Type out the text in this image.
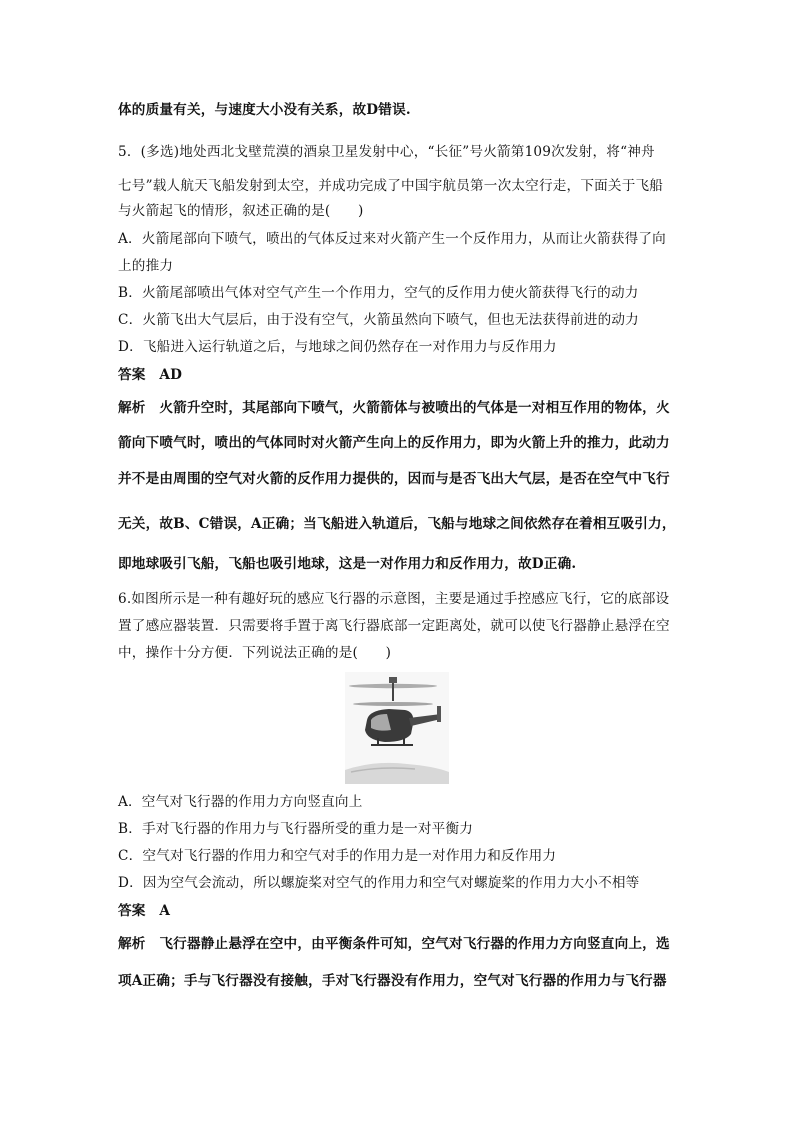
体的质量有关，与速度大小没有关系，故D错误.
5．(多选)地处西北戈壁荒漠的酒泉卫星发射中心，“长征”号火箭第109次发射，将“神舟
七号”载人航天飞船发射到太空，并成功完成了中国宇航员第一次太空行走，下面关于飞船
与火箭起飞的情形，叙述正确的是(　　)
A．火箭尾部向下喷气，喷出的气体反过来对火箭产生一个反作用力，从而让火箭获得了向
上的推力
B．火箭尾部喷出气体对空气产生一个作用力，空气的反作用力使火箭获得飞行的动力
C．火箭飞出大气层后，由于没有空气，火箭虽然向下喷气，但也无法获得前进的动力
D．飞船进入运行轨道之后，与地球之间仍然存在一对作用力与反作用力
答案　AD
解析　火箭升空时，其尾部向下喷气，火箭箭体与被喷出的气体是一对相互作用的物体，火
箭向下喷气时，喷出的气体同时对火箭产生向上的反作用力，即为火箭上升的推力，此动力
并不是由周围的空气对火箭的反作用力提供的，因而与是否飞出大气层，是否在空气中飞行
无关，故B、C错误，A正确；当飞船进入轨道后，飞船与地球之间依然存在着相互吸引力，
即地球吸引飞船，飞船也吸引地球，这是一对作用力和反作用力，故D正确.
6.如图所示是一种有趣好玩的感应飞行器的示意图，主要是通过手控感应飞行，它的底部设
置了感应器装置．只需要将手置于离飞行器底部一定距离处，就可以使飞行器静止悬浮在空
中，操作十分方便．下列说法正确的是(　　)
A．空气对飞行器的作用力方向竖直向上
B．手对飞行器的作用力与飞行器所受的重力是一对平衡力
C．空气对飞行器的作用力和空气对手的作用力是一对作用力和反作用力
D．因为空气会流动，所以螺旋桨对空气的作用力和空气对螺旋桨的作用力大小不相等
答案　A
解析　飞行器静止悬浮在空中，由平衡条件可知，空气对飞行器的作用力方向竖直向上，选
项A正确；手与飞行器没有接触，手对飞行器没有作用力，空气对飞行器的作用力与飞行器
